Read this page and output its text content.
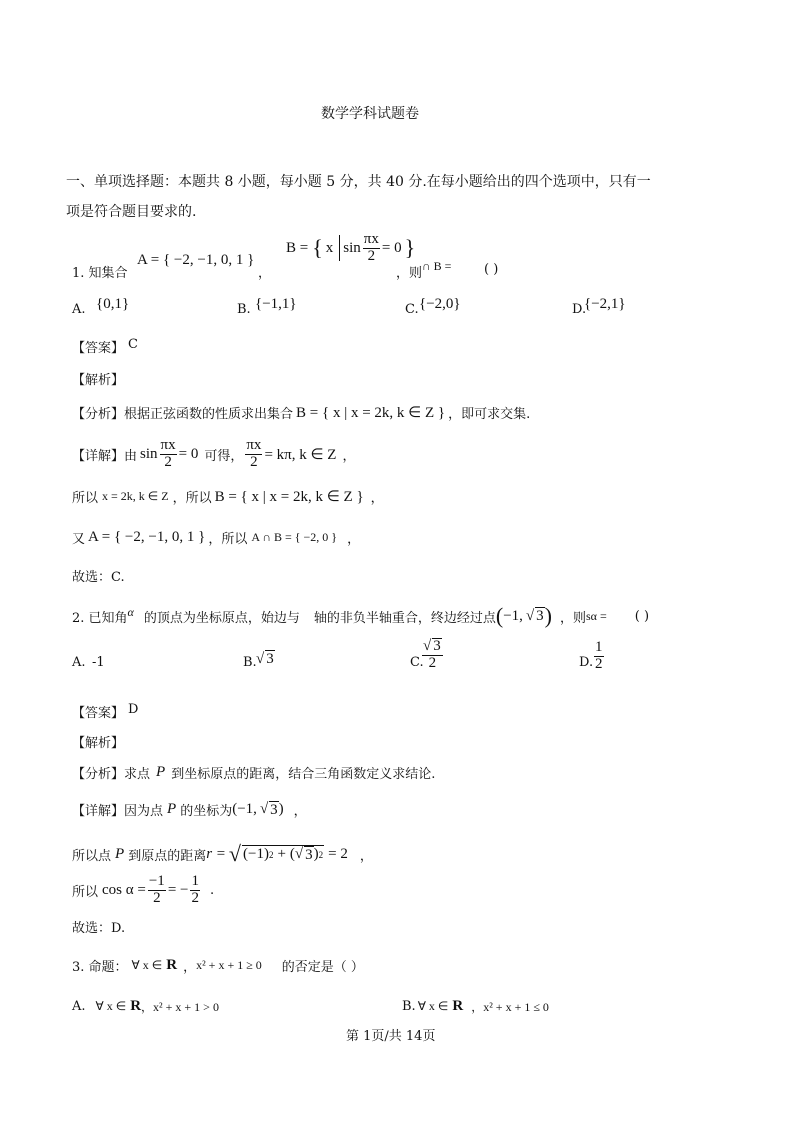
数学学科试题卷
一、单项选择题：本题共 8 小题，每小题 5 分，共 40 分.在每小题给出的四个选项中，只有一
项是符合题目要求的.
1. 知集合
A = { −2, −1, 0, 1 }
，
B = { x $\sin \frac{\pi x}{2} = 0$ }
，则 ∩ B =	( )
A. {0,1}	B. {−1,1}	C. {−2,0}	D.
{−2,1}
【答案】 C
【解析】
【分析】 根据正弦函数的性质求出集合 B = { x | x = 2k, k ∈ Z } ，即可求交集.
【详解】 由 $\sin \frac{\pi x}{2} = 0$ 可得， $\frac{\pi x}{2} = k\pi$, k ∈ Z ，
所以 x = 2k, k ∈ Z ，所以 B = { x | x = 2k, k ∈ Z } ，
又 A = { −2, −1, 0, 1 } ，所以 A ∩ B = { −2, 0 } ，
故选：C.
2. 已知角 α 的顶点为坐标原点，始边与 轴的非负半轴重合，终边经过点 ( −1, √ 3 ) ，则 sα = ( )
A. -1	B. √ 3	C.
$\frac{√ 3}{2}$	D. $\frac{1}{2}$
【答案】 D
【解析】
【分析】 求点 P 到坐标原点的距离，结合三角函数定义求结论.
【详解】 因为点 P 的坐标为 (−1, √ 3 ) ，
所以点 P 到原点的距离 r = √ (−1) 2 + (√ 3 ) 2 = 2 ，
所以 $\cos \alpha = \frac{-1}{2}$ = − $\frac{1}{2}$ .
故选：D.
3. 命题： ∀ x ∈ R ， x² + x + 1 ≥ 0 的否定是（ ）
A. ∀ x ∈ R ，x² + x + 1 > 0	B. ∀ x ∈ R ，x² + x + 1 ≤ 0
第 1页/共 14页
